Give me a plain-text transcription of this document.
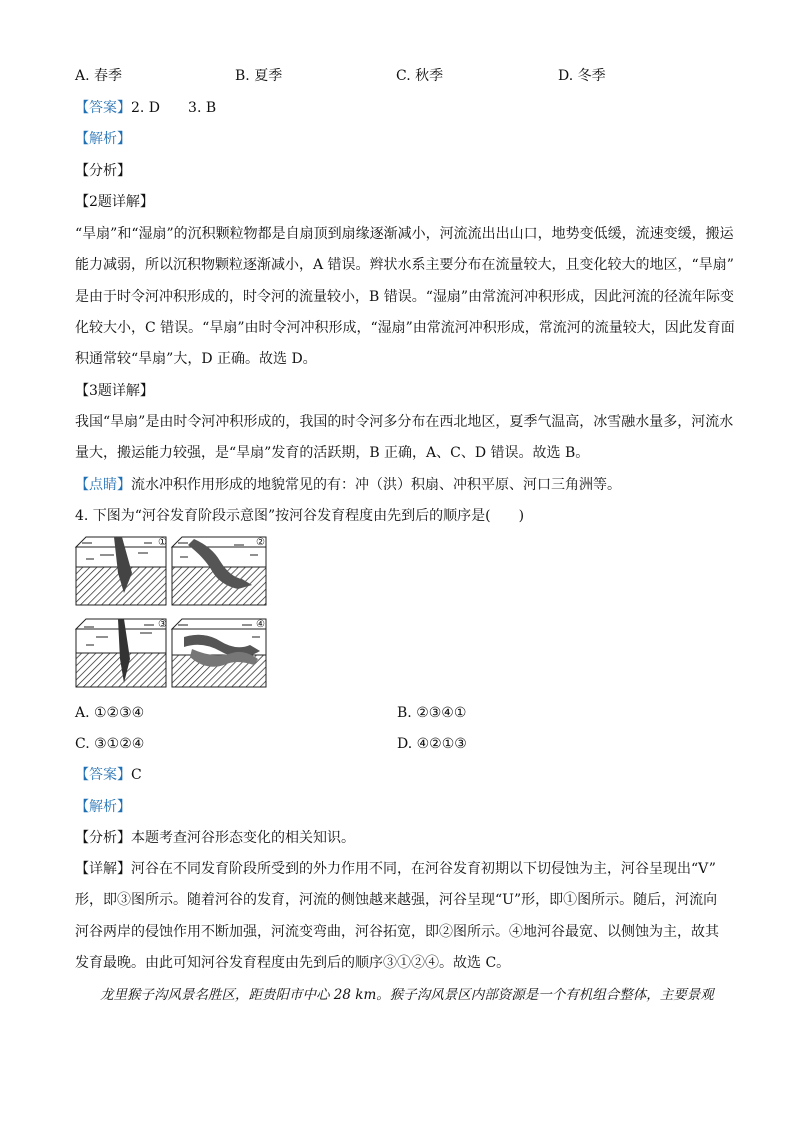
A. 春季	B. 夏季	C. 秋季	D. 冬季
【答案】2. D　　3. B
【解析】
【分析】
【2题详解】
“旱扇”和“湿扇”的沉积颗粒物都是自扇顶到扇缘逐渐减小，河流流出出山口，地势变低缓，流速变缓，搬运
能力减弱，所以沉积物颗粒逐渐减小，A 错误。辫状水系主要分布在流量较大，且变化较大的地区，“旱扇”
是由于时令河冲积形成的，时令河的流量较小，B 错误。“湿扇”由常流河冲积形成，因此河流的径流年际变
化较大小，C 错误。“旱扇”由时令河冲积形成，“湿扇”由常流河冲积形成，常流河的流量较大，因此发育面
积通常较“旱扇”大，D 正确。故选 D。
【3题详解】
我国“旱扇”是由时令河冲积形成的，我国的时令河多分布在西北地区，夏季气温高，冰雪融水量多，河流水
量大，搬运能力较强，是“旱扇”发育的活跃期，B 正确，A、C、D 错误。故选 B。
【点睛】流水冲积作用形成的地貌常见的有：冲（洪）积扇、冲积平原、河口三角洲等。
4. 下图为“河谷发育阶段示意图”按河谷发育程度由先到后的顺序是(　　)
①	②
③	④
A. ①②③④	B. ②③④①
C. ③①②④	D. ④②①③
【答案】C
【解析】
【分析】本题考查河谷形态变化的相关知识。
【详解】河谷在不同发育阶段所受到的外力作用不同，在河谷发育初期以下切侵蚀为主，河谷呈现出“V”
形，即③图所示。随着河谷的发育，河流的侧蚀越来越强，河谷呈现“U”形，即①图所示。随后，河流向
河谷两岸的侵蚀作用不断加强，河流变弯曲，河谷拓宽，即②图所示。④地河谷最宽、以侧蚀为主，故其
发育最晚。由此可知河谷发育程度由先到后的顺序③①②④。故选 C。
龙里猴子沟风景名胜区，距贵阳市中心 28 km。猴子沟风景区内部资源是一个有机组合整体，主要景观
